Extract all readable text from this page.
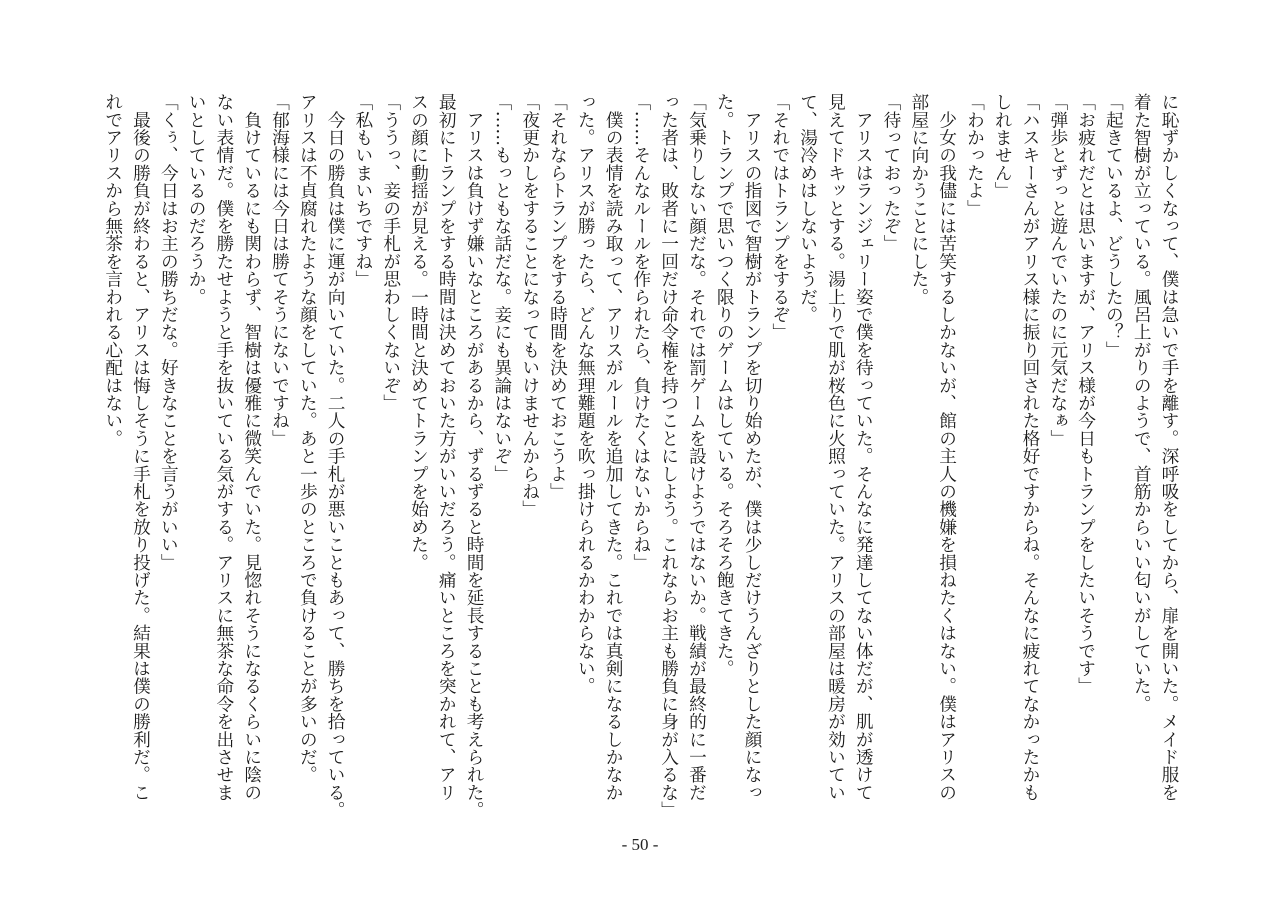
に恥ずかしくなって、僕は急いで手を離す。深呼吸をしてから、扉を開いた。メイド服を
着た智樹が立っている。風呂上がりのようで、首筋からいい匂いがしていた。
「起きているよ、どうしたの？」
「お疲れだとは思いますが、アリス様が今日もトランプをしたいそうです」
「弾歩とずっと遊んでいたのに元気だなぁ」
「ハスキーさんがアリス様に振り回された格好ですからね。そんなに疲れてなかったかも
しれません」
「わかったよ」
　少女の我儘には苦笑するしかないが、館の主人の機嫌を損ねたくはない。僕はアリスの
部屋に向かうことにした。
「待っておったぞ」
　アリスはランジェリー姿で僕を待っていた。そんなに発達してない体だが、肌が透けて
見えてドキッとする。湯上りで肌が桜色に火照っていた。アリスの部屋は暖房が効いてい
て、湯冷めはしないようだ。
「それではトランプをするぞ」
　アリスの指図で智樹がトランプを切り始めたが、僕は少しだけうんざりとした顔になっ
た。トランプで思いつく限りのゲームはしている。そろそろ飽きてきた。
「気乗りしない顔だな。それでは罰ゲームを設けようではないか。戦績が最終的に一番だ
った者は、敗者に一回だけ命令権を持つことにしよう。これならお主も勝負に身が入るな」
「……そんなルールを作られたら、負けたくはないからね」
　僕の表情を読み取って、アリスがルールを追加してきた。これでは真剣になるしかなか
った。アリスが勝ったら、どんな無理難題を吹っ掛けられるかわからない。
「それならトランプをする時間を決めておこうよ」
「夜更かしをすることになってもいけませんからね」
「……もっともな話だな。妾にも異論はないぞ」
　アリスは負けず嫌いなところがあるから、ずるずると時間を延長することも考えられた。
最初にトランプをする時間は決めておいた方がいいだろう。痛いところを突かれて、アリ
スの顔に動揺が見える。一時間と決めてトランプを始めた。
「ううっ、妾の手札が思わしくないぞ」
「私もいまいちですね」
　今日の勝負は僕に運が向いていた。二人の手札が悪いこともあって、勝ちを拾っている。
アリスは不貞腐れたような顔をしていた。あと一歩のところで負けることが多いのだ。
「郁海様には今日は勝てそうにないですね」
　負けているにも関わらず、智樹は優雅に微笑んでいた。見惚れそうになるくらいに陰の
ない表情だ。僕を勝たせようと手を抜いている気がする。アリスに無茶な命令を出させま
いとしているのだろうか。
「くぅ、今日はお主の勝ちだな。好きなことを言うがいい」
　最後の勝負が終わると、アリスは悔しそうに手札を放り投げた。結果は僕の勝利だ。こ
れでアリスから無茶を言われる心配はない。
- 50 -
